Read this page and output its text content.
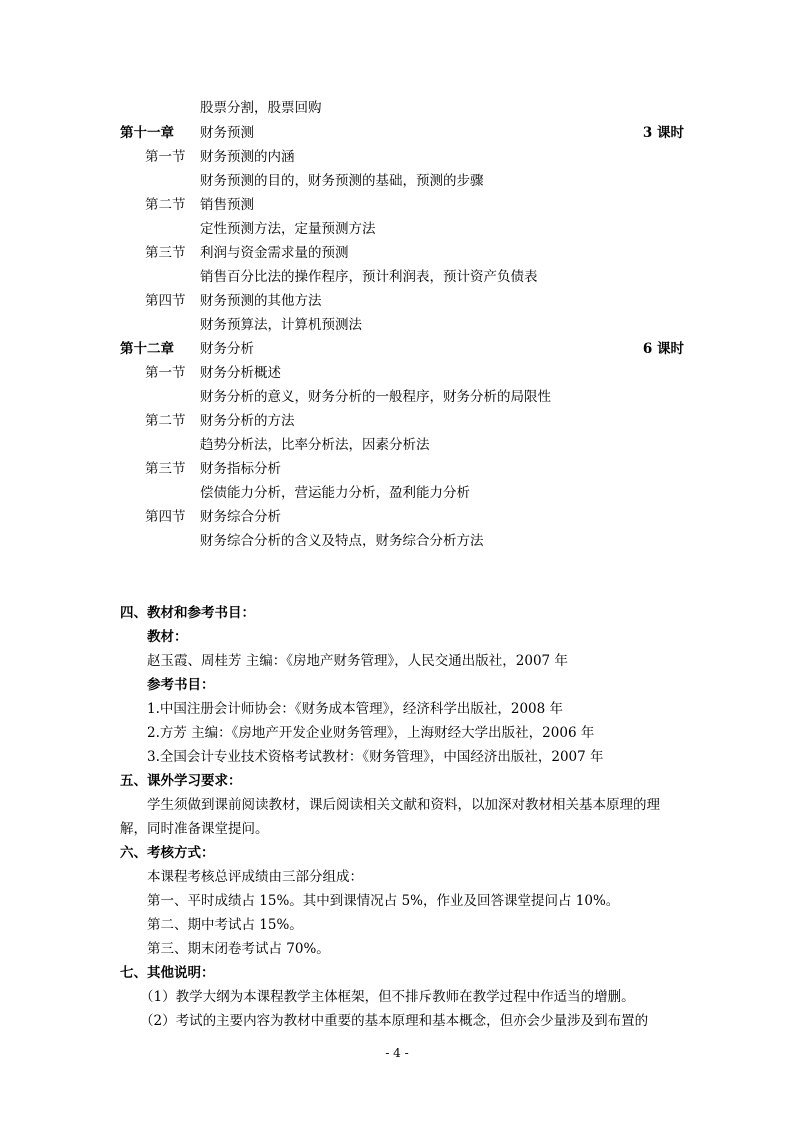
股票分割，股票回购
第十一章 财务预测	3 课时
第一节 财务预测的内涵
财务预测的目的，财务预测的基础，预测的步骤
第二节 销售预测
定性预测方法，定量预测方法
第三节 利润与资金需求量的预测
销售百分比法的操作程序，预计利润表，预计资产负债表
第四节 财务预测的其他方法
财务预算法，计算机预测法
第十二章 财务分析	6 课时
第一节 财务分析概述
财务分析的意义，财务分析的一般程序，财务分析的局限性
第二节 财务分析的方法
趋势分析法，比率分析法，因素分析法
第三节 财务指标分析
偿债能力分析，营运能力分析，盈利能力分析
第四节 财务综合分析
财务综合分析的含义及特点，财务综合分析方法
四、教材和参考书目：
教材：
赵玉霞、周桂芳 主编：《房地产财务管理》，人民交通出版社，2007 年
参考书目：
1.中国注册会计师协会：《财务成本管理》，经济科学出版社，2008 年
2.方芳 主编：《房地产开发企业财务管理》，上海财经大学出版社，2006 年
3.全国会计专业技术资格考试教材：《财务管理》，中国经济出版社，2007 年
五、课外学习要求：
学生须做到课前阅读教材，课后阅读相关文献和资料，以加深对教材相关基本原理的理解，同时准备课堂提问。
六、考核方式：
本课程考核总评成绩由三部分组成：
第一、平时成绩占 15%。其中到课情况占 5%，作业及回答课堂提问占 10%。
第二、期中考试占 15%。
第三、期末闭卷考试占 70%。
七、其他说明：
（1）教学大纲为本课程教学主体框架，但不排斥教师在教学过程中作适当的增删。
（2）考试的主要内容为教材中重要的基本原理和基本概念，但亦会少量涉及到布置的
- 4 -
